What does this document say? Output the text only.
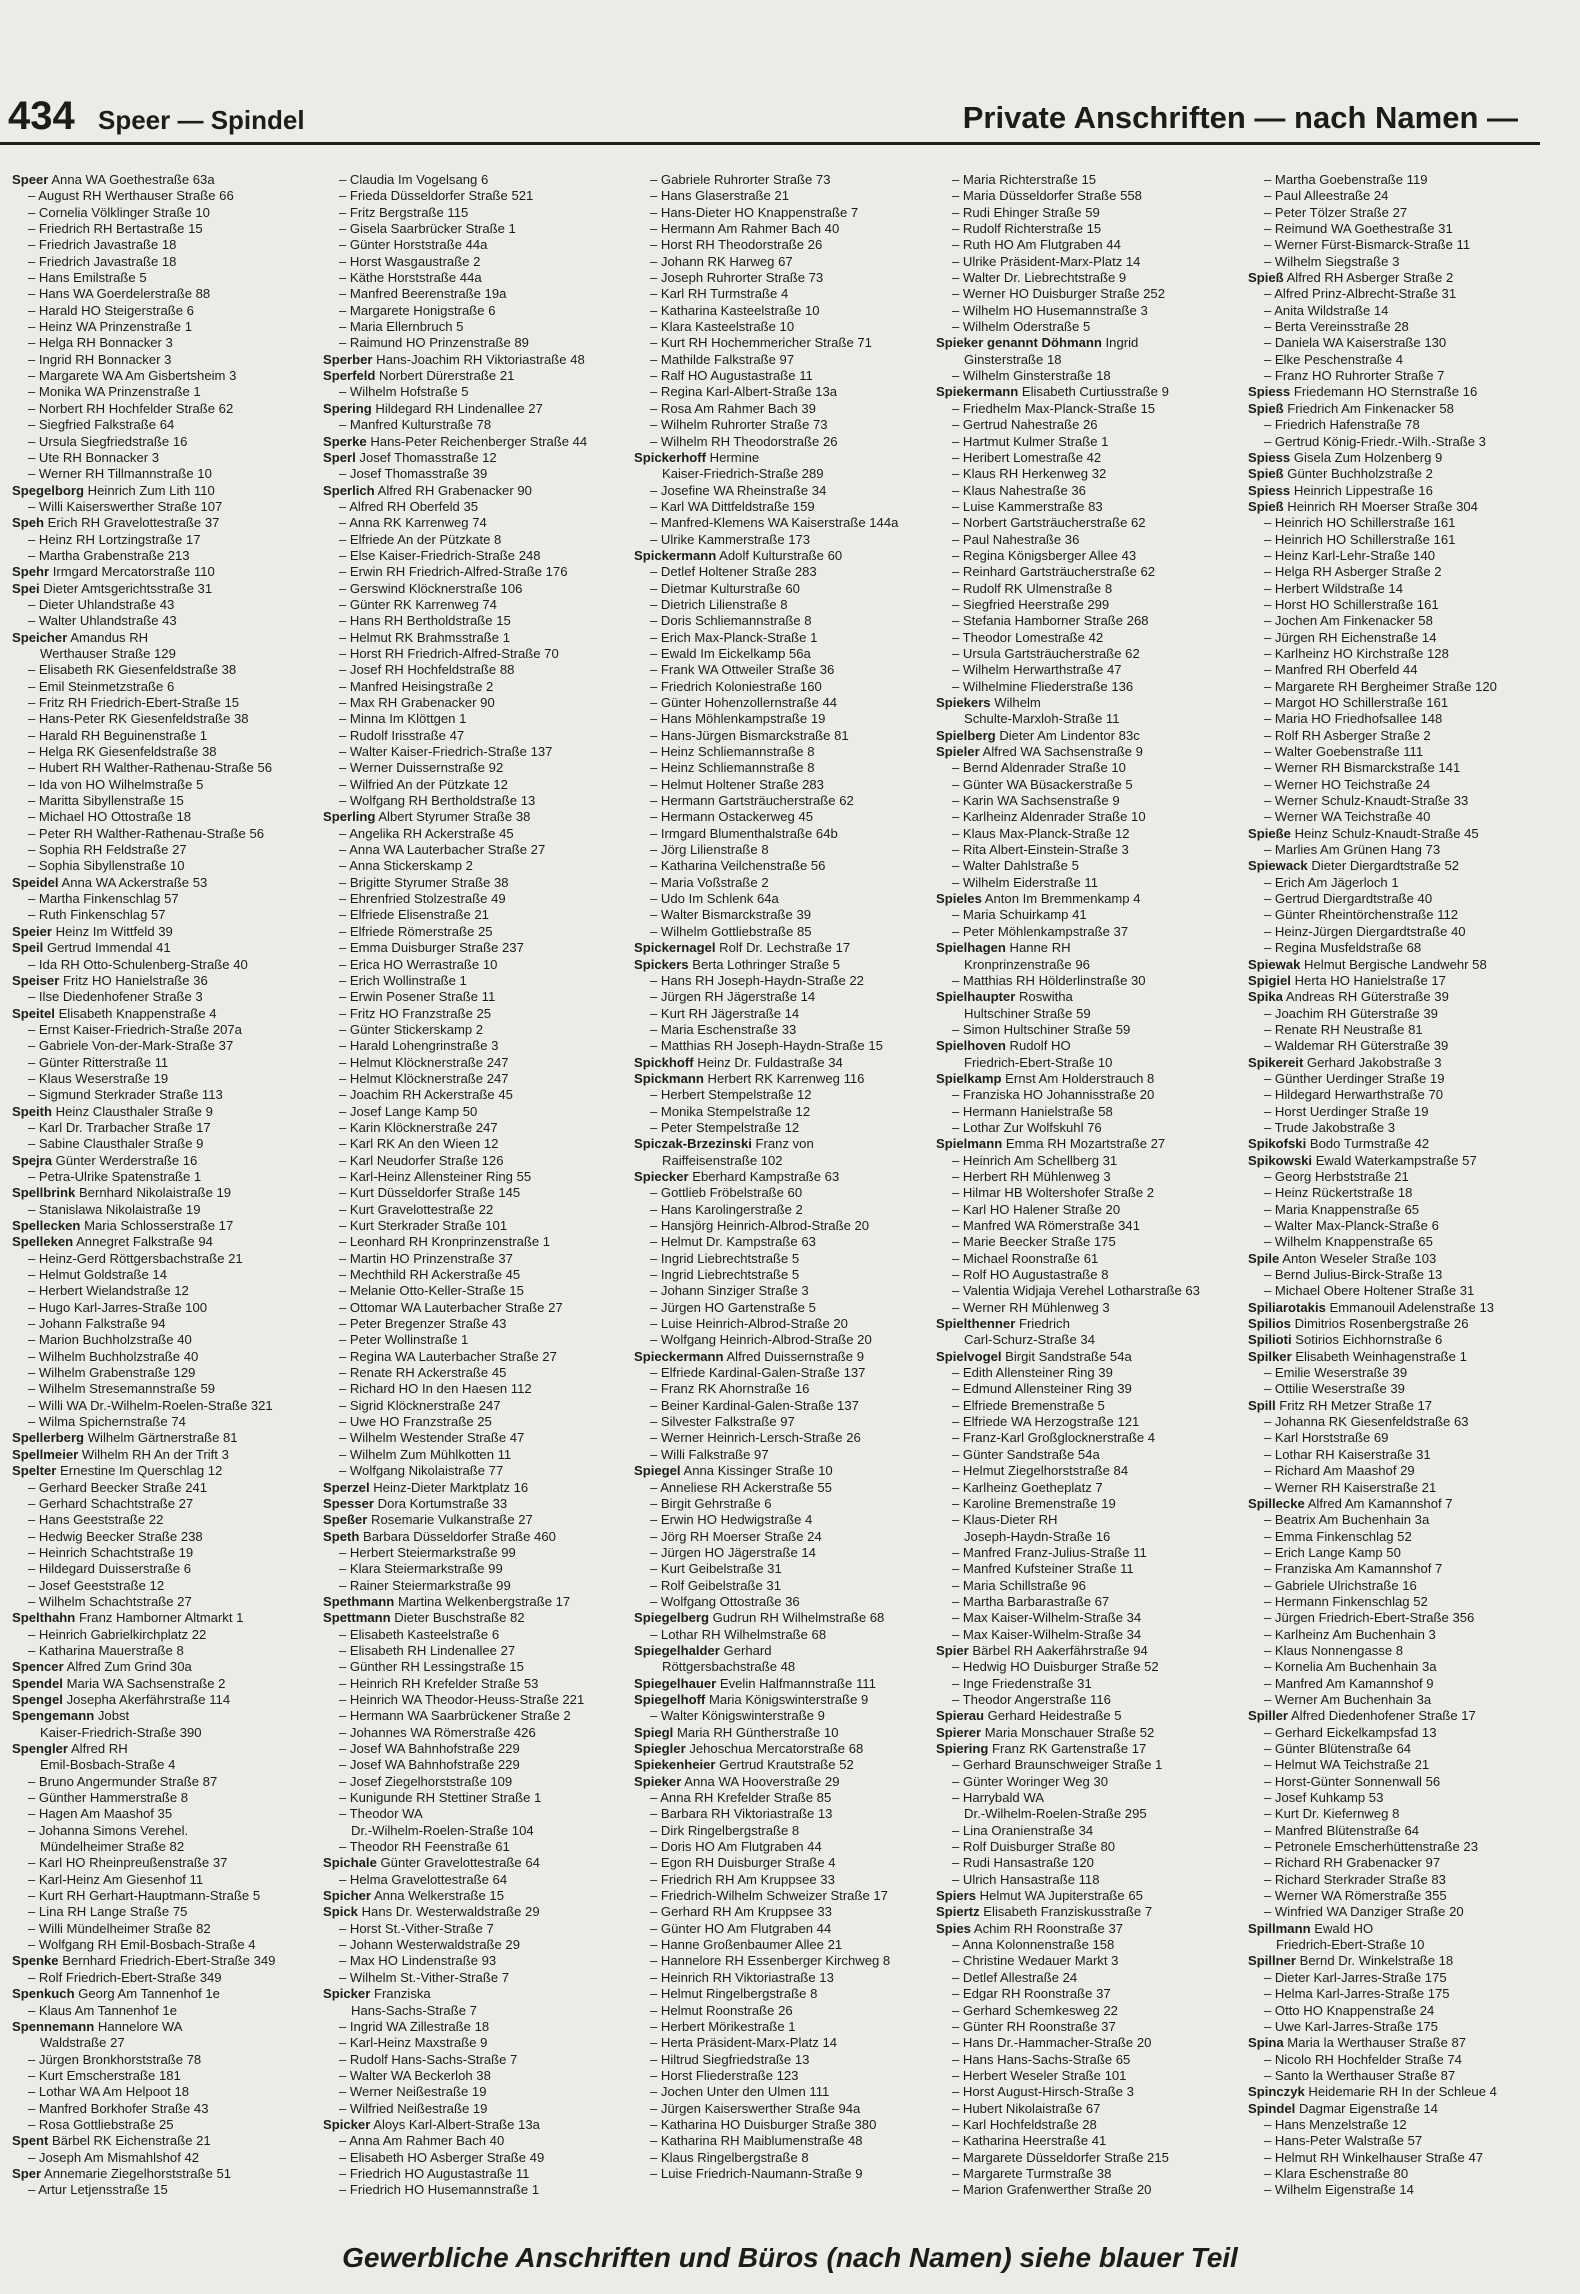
434 Speer — Spindel	Private Anschriften — nach Namen —
Speer Anna WA Goethestraße 63a
– August RH Werthauser Straße 66
– Cornelia Völklinger Straße 10
– Friedrich RH Bertastraße 15
– Friedrich Javastraße 18
– Friedrich Javastraße 18
– Hans Emilstraße 5
– Hans WA Goerdelerstraße 88
– Harald HO Steigerstraße 6
– Heinz WA Prinzenstraße 1
– Helga RH Bonnacker 3
– Ingrid RH Bonnacker 3
– Margarete WA Am Gisbertsheim 3
– Monika WA Prinzenstraße 1
– Norbert RH Hochfelder Straße 62
– Siegfried Falkstraße 64
– Ursula Siegfriedstraße 16
– Ute RH Bonnacker 3
– Werner RH Tillmannstraße 10
Spegelborg Heinrich Zum Lith 110
– Willi Kaiserswerther Straße 107
Speh Erich RH Gravelottestraße 37
– Heinz RH Lortzingstraße 17
– Martha Grabenstraße 213
Spehr Irmgard Mercatorstraße 110
Spei Dieter Amtsgerichtsstraße 31
– Dieter Uhlandstraße 43
– Walter Uhlandstraße 43
Speicher Amandus RH
Werthauser Straße 129
– Elisabeth RK Giesenfeldstraße 38
– Emil Steinmetzstraße 6
– Fritz RH Friedrich-Ebert-Straße 15
– Hans-Peter RK Giesenfeldstraße 38
– Harald RH Beguinenstraße 1
– Helga RK Giesenfeldstraße 38
– Hubert RH Walther-Rathenau-Straße 56
– Ida von HO Wilhelmstraße 5
– Maritta Sibyllenstraße 15
– Michael HO Ottostraße 18
– Peter RH Walther-Rathenau-Straße 56
– Sophia RH Feldstraße 27
– Sophia Sibyllenstraße 10
Speidel Anna WA Ackerstraße 53
– Martha Finkenschlag 57
– Ruth Finkenschlag 57
Speier Heinz Im Wittfeld 39
Speil Gertrud Immendal 41
– Ida RH Otto-Schulenberg-Straße 40
Speiser Fritz HO Hanielstraße 36
– Ilse Diedenhofener Straße 3
Speitel Elisabeth Knappenstraße 4
– Ernst Kaiser-Friedrich-Straße 207a
– Gabriele Von-der-Mark-Straße 37
– Günter Ritterstraße 11
– Klaus Weserstraße 19
– Sigmund Sterkrader Straße 113
Speith Heinz Clausthaler Straße 9
– Karl Dr. Trarbacher Straße 17
– Sabine Clausthaler Straße 9
Spejra Günter Werderstraße 16
– Petra-Ulrike Spatenstraße 1
Spellbrink Bernhard Nikolaistraße 19
– Stanislawa Nikolaistraße 19
Spellecken Maria Schlosserstraße 17
Spelleken Annegret Falkstraße 94
– Heinz-Gerd Röttgersbachstraße 21
– Helmut Goldstraße 14
– Herbert Wielandstraße 12
– Hugo Karl-Jarres-Straße 100
– Johann Falkstraße 94
– Marion Buchholzstraße 40
– Wilhelm Buchholzstraße 40
– Wilhelm Grabenstraße 129
– Wilhelm Stresemannstraße 59
– Willi WA Dr.-Wilhelm-Roelen-Straße 321
– Wilma Spichernstraße 74
Spellerberg Wilhelm Gärtnerstraße 81
Spellmeier Wilhelm RH An der Trift 3
Spelter Ernestine Im Querschlag 12
– Gerhard Beecker Straße 241
– Gerhard Schachtstraße 27
– Hans Geeststraße 22
– Hedwig Beecker Straße 238
– Heinrich Schachtstraße 19
– Hildegard Duisserstraße 6
– Josef Geeststraße 12
– Wilhelm Schachtstraße 27
Spelthahn Franz Hamborner Altmarkt 1
– Heinrich Gabrielkirchplatz 22
– Katharina Mauerstraße 8
Spencer Alfred Zum Grind 30a
Spendel Maria WA Sachsenstraße 2
Spengel Josepha Akerfährstraße 114
Spengemann Jobst
Kaiser-Friedrich-Straße 390
Spengler Alfred RH
Emil-Bosbach-Straße 4
– Bruno Angermunder Straße 87
– Günther Hammerstraße 8
– Hagen Am Maashof 35
– Johanna Simons Verehel.
Mündelheimer Straße 82
– Karl HO Rheinpreußenstraße 37
– Karl-Heinz Am Giesenhof 11
– Kurt RH Gerhart-Hauptmann-Straße 5
– Lina RH Lange Straße 75
– Willi Mündelheimer Straße 82
– Wolfgang RH Emil-Bosbach-Straße 4
Spenke Bernhard Friedrich-Ebert-Straße 349
– Rolf Friedrich-Ebert-Straße 349
Spenkuch Georg Am Tannenhof 1e
– Klaus Am Tannenhof 1e
Spennemann Hannelore WA
Waldstraße 27
– Jürgen Bronkhorststraße 78
– Kurt Emscherstraße 181
– Lothar WA Am Helpoot 18
– Manfred Borkhofer Straße 43
– Rosa Gottliebstraße 25
Spent Bärbel RK Eichenstraße 21
– Joseph Am Mismahlshof 42
Sper Annemarie Ziegelhorststraße 51
– Artur Letjensstraße 15
– Claudia Im Vogelsang 6
– Frieda Düsseldorfer Straße 521
– Fritz Bergstraße 115
– Gisela Saarbrücker Straße 1
– Günter Horststraße 44a
– Horst Wasgaustraße 2
– Käthe Horststraße 44a
– Manfred Beerenstraße 19a
– Margarete Honigstraße 6
– Maria Ellernbruch 5
– Raimund HO Prinzenstraße 89
Sperber Hans-Joachim RH Viktoriastraße 48
Sperfeld Norbert Dürerstraße 21
– Wilhelm Hofstraße 5
Spering Hildegard RH Lindenallee 27
– Manfred Kulturstraße 78
Sperke Hans-Peter Reichenberger Straße 44
Sperl Josef Thomasstraße 12
– Josef Thomasstraße 39
Sperlich Alfred RH Grabenacker 90
– Alfred RH Oberfeld 35
– Anna RK Karrenweg 74
– Elfriede An der Pützkate 8
– Else Kaiser-Friedrich-Straße 248
– Erwin RH Friedrich-Alfred-Straße 176
– Gerswind Klöcknerstraße 106
– Günter RK Karrenweg 74
– Hans RH Bertholdstraße 15
– Helmut RK Brahmsstraße 1
– Horst RH Friedrich-Alfred-Straße 70
– Josef RH Hochfeldstraße 88
– Manfred Heisingstraße 2
– Max RH Grabenacker 90
– Minna Im Klöttgen 1
– Rudolf Irisstraße 47
– Walter Kaiser-Friedrich-Straße 137
– Werner Duissernstraße 92
– Wilfried An der Pützkate 12
– Wolfgang RH Bertholdstraße 13
Sperling Albert Styrumer Straße 38
– Angelika RH Ackerstraße 45
– Anna WA Lauterbacher Straße 27
– Anna Stickerskamp 2
– Brigitte Styrumer Straße 38
– Ehrenfried Stolzestraße 49
– Elfriede Elisenstraße 21
– Elfriede Römerstraße 25
– Emma Duisburger Straße 237
– Erica HO Werrastraße 10
– Erich Wollinstraße 1
– Erwin Posener Straße 11
– Fritz HO Franzstraße 25
– Günter Stickerskamp 2
– Harald Lohengrinstraße 3
– Helmut Klöcknerstraße 247
– Helmut Klöcknerstraße 247
– Joachim RH Ackerstraße 45
– Josef Lange Kamp 50
– Karin Klöcknerstraße 247
– Karl RK An den Wieen 12
– Karl Neudorfer Straße 126
– Karl-Heinz Allensteiner Ring 55
– Kurt Düsseldorfer Straße 145
– Kurt Gravelottestraße 22
– Kurt Sterkrader Straße 101
– Leonhard RH Kronprinzenstraße 1
– Martin HO Prinzenstraße 37
– Mechthild RH Ackerstraße 45
– Melanie Otto-Keller-Straße 15
– Ottomar WA Lauterbacher Straße 27
– Peter Bregenzer Straße 43
– Peter Wollinstraße 1
– Regina WA Lauterbacher Straße 27
– Renate RH Ackerstraße 45
– Richard HO In den Haesen 112
– Sigrid Klöcknerstraße 247
– Uwe HO Franzstraße 25
– Wilhelm Westender Straße 47
– Wilhelm Zum Mühlkotten 11
– Wolfgang Nikolaistraße 77
Sperzel Heinz-Dieter Marktplatz 16
Spesser Dora Kortumstraße 33
Speßer Rosemarie Vulkanstraße 27
Speth Barbara Düsseldorfer Straße 460
– Herbert Steiermarkstraße 99
– Klara Steiermarkstraße 99
– Rainer Steiermarkstraße 99
Spethmann Martina Welkenbergstraße 17
Spettmann Dieter Buschstraße 82
– Elisabeth Kasteelstraße 6
– Elisabeth RH Lindenallee 27
– Günther RH Lessingstraße 15
– Heinrich RH Krefelder Straße 53
– Heinrich WA Theodor-Heuss-Straße 221
– Hermann WA Saarbrückener Straße 2
– Johannes WA Römerstraße 426
– Josef WA Bahnhofstraße 229
– Josef WA Bahnhofstraße 229
– Josef Ziegelhorststraße 109
– Kunigunde RH Stettiner Straße 1
– Theodor WA
Dr.-Wilhelm-Roelen-Straße 104
– Theodor RH Feenstraße 61
Spichale Günter Gravelottestraße 64
– Helma Gravelottestraße 64
Spicher Anna Welkerstraße 15
Spick Hans Dr. Westerwaldstraße 29
– Horst St.-Vither-Straße 7
– Johann Westerwaldstraße 29
– Max HO Lindenstraße 93
– Wilhelm St.-Vither-Straße 7
Spicker Franziska
Hans-Sachs-Straße 7
– Ingrid WA Zillestraße 18
– Karl-Heinz Maxstraße 9
– Rudolf Hans-Sachs-Straße 7
– Walter WA Beckerloh 38
– Werner Neißestraße 19
– Wilfried Neißestraße 19
Spicker Aloys Karl-Albert-Straße 13a
– Anna Am Rahmer Bach 40
– Elisabeth HO Asberger Straße 49
– Friedrich HO Augustastraße 11
– Friedrich HO Husemannstraße 1
– Gabriele Ruhrorter Straße 73
– Hans Glaserstraße 21
– Hans-Dieter HO Knappenstraße 7
– Hermann Am Rahmer Bach 40
– Horst RH Theodorstraße 26
– Johann RK Harweg 67
– Joseph Ruhrorter Straße 73
– Karl RH Turmstraße 4
– Katharina Kasteelstraße 10
– Klara Kasteelstraße 10
– Kurt RH Hochemmericher Straße 71
– Mathilde Falkstraße 97
– Ralf HO Augustastraße 11
– Regina Karl-Albert-Straße 13a
– Rosa Am Rahmer Bach 39
– Wilhelm Ruhrorter Straße 73
– Wilhelm RH Theodorstraße 26
Spickerhoff Hermine
Kaiser-Friedrich-Straße 289
– Josefine WA Rheinstraße 34
– Karl WA Dittfeldstraße 159
– Manfred-Klemens WA Kaiserstraße 144a
– Ulrike Kammerstraße 173
Spickermann Adolf Kulturstraße 60
– Detlef Holtener Straße 283
– Dietmar Kulturstraße 60
– Dietrich Lilienstraße 8
– Doris Schliemannstraße 8
– Erich Max-Planck-Straße 1
– Ewald Im Eickelkamp 56a
– Frank WA Ottweiler Straße 36
– Friedrich Koloniestraße 160
– Günter Hohenzollernstraße 44
– Hans Möhlenkampstraße 19
– Hans-Jürgen Bismarckstraße 81
– Heinz Schliemannstraße 8
– Heinz Schliemannstraße 8
– Helmut Holtener Straße 283
– Hermann Gartsträucherstraße 62
– Hermann Ostackerweg 45
– Irmgard Blumenthalstraße 64b
– Jörg Lilienstraße 8
– Katharina Veilchenstraße 56
– Maria Voßstraße 2
– Udo Im Schlenk 64a
– Walter Bismarckstraße 39
– Wilhelm Gottliebstraße 85
Spickernagel Rolf Dr. Lechstraße 17
Spickers Berta Lothringer Straße 5
– Hans RH Joseph-Haydn-Straße 22
– Jürgen RH Jägerstraße 14
– Kurt RH Jägerstraße 14
– Maria Eschenstraße 33
– Matthias RH Joseph-Haydn-Straße 15
Spickhoff Heinz Dr. Fuldastraße 34
Spickmann Herbert RK Karrenweg 116
– Herbert Stempelstraße 12
– Monika Stempelstraße 12
– Peter Stempelstraße 12
Spiczak-Brzezinski Franz von
Raiffeisenstraße 102
Spiecker Eberhard Kampstraße 63
– Gottlieb Fröbelstraße 60
– Hans Karolingerstraße 2
– Hansjörg Heinrich-Albrod-Straße 20
– Helmut Dr. Kampstraße 63
– Ingrid Liebrechtstraße 5
– Ingrid Liebrechtstraße 5
– Johann Sinziger Straße 3
– Jürgen HO Gartenstraße 5
– Luise Heinrich-Albrod-Straße 20
– Wolfgang Heinrich-Albrod-Straße 20
Spieckermann Alfred Duissernstraße 9
– Elfriede Kardinal-Galen-Straße 137
– Franz RK Ahornstraße 16
– Beiner Kardinal-Galen-Straße 137
– Silvester Falkstraße 97
– Werner Heinrich-Lersch-Straße 26
– Willi Falkstraße 97
Spiegel Anna Kissinger Straße 10
– Anneliese RH Ackerstraße 55
– Birgit Gehrstraße 6
– Erwin HO Hedwigstraße 4
– Jörg RH Moerser Straße 24
– Jürgen HO Jägerstraße 14
– Kurt Geibelstraße 31
– Rolf Geibelstraße 31
– Wolfgang Ottostraße 36
Spiegelberg Gudrun RH Wilhelmstraße 68
– Lothar RH Wilhelmstraße 68
Spiegelhalder Gerhard
Röttgersbachstraße 48
Spiegelhauer Evelin Halfmannstraße 111
Spiegelhoff Maria Königswinterstraße 9
– Walter Königswinterstraße 9
Spiegl Maria RH Güntherstraße 10
Spiegler Jehoschua Mercatorstraße 68
Spiekenheier Gertrud Krautstraße 52
Spieker Anna WA Hooverstraße 29
– Anna RH Krefelder Straße 85
– Barbara RH Viktoriastraße 13
– Dirk Ringelbergstraße 8
– Doris HO Am Flutgraben 44
– Egon RH Duisburger Straße 4
– Friedrich RH Am Kruppsee 33
– Friedrich-Wilhelm Schweizer Straße 17
– Gerhard RH Am Kruppsee 33
– Günter HO Am Flutgraben 44
– Hanne Großenbaumer Allee 21
– Hannelore RH Essenberger Kirchweg 8
– Heinrich RH Viktoriastraße 13
– Helmut Ringelbergstraße 8
– Helmut Roonstraße 26
– Herbert Mörikestraße 1
– Herta Präsident-Marx-Platz 14
– Hiltrud Siegfriedstraße 13
– Horst Fliederstraße 123
– Jochen Unter den Ulmen 111
– Jürgen Kaiserswerther Straße 94a
– Katharina HO Duisburger Straße 380
– Katharina RH Maiblumenstraße 48
– Klaus Ringelbergstraße 8
– Luise Friedrich-Naumann-Straße 9
– Maria Richterstraße 15
– Maria Düsseldorfer Straße 558
– Rudi Ehinger Straße 59
– Rudolf Richterstraße 15
– Ruth HO Am Flutgraben 44
– Ulrike Präsident-Marx-Platz 14
– Walter Dr. Liebrechtstraße 9
– Werner HO Duisburger Straße 252
– Wilhelm HO Husemannstraße 3
– Wilhelm Oderstraße 5
Spieker genannt Döhmann Ingrid
Ginsterstraße 18
– Wilhelm Ginsterstraße 18
Spiekermann Elisabeth Curtiusstraße 9
– Friedhelm Max-Planck-Straße 15
– Gertrud Nahestraße 26
– Hartmut Kulmer Straße 1
– Heribert Lomestraße 42
– Klaus RH Herkenweg 32
– Klaus Nahestraße 36
– Luise Kammerstraße 83
– Norbert Gartsträucherstraße 62
– Paul Nahestraße 36
– Regina Königsberger Allee 43
– Reinhard Gartsträucherstraße 62
– Rudolf RK Ulmenstraße 8
– Siegfried Heerstraße 299
– Stefania Hamborner Straße 268
– Theodor Lomestraße 42
– Ursula Gartsträucherstraße 62
– Wilhelm Herwarthstraße 47
– Wilhelmine Fliederstraße 136
Spiekers Wilhelm
Schulte-Marxloh-Straße 11
Spielberg Dieter Am Lindentor 83c
Spieler Alfred WA Sachsenstraße 9
– Bernd Aldenrader Straße 10
– Günter WA Büsackerstraße 5
– Karin WA Sachsenstraße 9
– Karlheinz Aldenrader Straße 10
– Klaus Max-Planck-Straße 12
– Rita Albert-Einstein-Straße 3
– Walter Dahlstraße 5
– Wilhelm Eiderstraße 11
Spieles Anton Im Bremmenkamp 4
– Maria Schuirkamp 41
– Peter Möhlenkampstraße 37
Spielhagen Hanne RH
Kronprinzenstraße 96
– Matthias RH Hölderlinstraße 30
Spielhaupter Roswitha
Hultschiner Straße 59
– Simon Hultschiner Straße 59
Spielhoven Rudolf HO
Friedrich-Ebert-Straße 10
Spielkamp Ernst Am Holderstrauch 8
– Franziska HO Johannisstraße 20
– Hermann Hanielstraße 58
– Lothar Zur Wolfskuhl 76
Spielmann Emma RH Mozartstraße 27
– Heinrich Am Schellberg 31
– Herbert RH Mühlenweg 3
– Hilmar HB Woltershofer Straße 2
– Karl HO Halener Straße 20
– Manfred WA Römerstraße 341
– Marie Beecker Straße 175
– Michael Roonstraße 61
– Rolf HO Augustastraße 8
– Valentia Widjaja Verehel Lotharstraße 63
– Werner RH Mühlenweg 3
Spielthenner Friedrich
Carl-Schurz-Straße 34
Spielvogel Birgit Sandstraße 54a
– Edith Allensteiner Ring 39
– Edmund Allensteiner Ring 39
– Elfriede Bremenstraße 5
– Elfriede WA Herzogstraße 121
– Franz-Karl Großglocknerstraße 4
– Günter Sandstraße 54a
– Helmut Ziegelhorststraße 84
– Karlheinz Goetheplatz 7
– Karoline Bremenstraße 19
– Klaus-Dieter RH
Joseph-Haydn-Straße 16
– Manfred Franz-Julius-Straße 11
– Manfred Kufsteiner Straße 11
– Maria Schillstraße 96
– Martha Barbarastraße 67
– Max Kaiser-Wilhelm-Straße 34
– Max Kaiser-Wilhelm-Straße 34
Spier Bärbel RH Aakerfährstraße 94
– Hedwig HO Duisburger Straße 52
– Inge Friedenstraße 31
– Theodor Angerstraße 116
Spierau Gerhard Heidestraße 5
Spierer Maria Monschauer Straße 52
Spiering Franz RK Gartenstraße 17
– Gerhard Braunschweiger Straße 1
– Günter Woringer Weg 30
– Harrybald WA
Dr.-Wilhelm-Roelen-Straße 295
– Lina Oranienstraße 34
– Rolf Duisburger Straße 80
– Rudi Hansastraße 120
– Ulrich Hansastraße 118
Spiers Helmut WA Jupiterstraße 65
Spiertz Elisabeth Franziskusstraße 7
Spies Achim RH Roonstraße 37
– Anna Kolonnenstraße 158
– Christine Wedauer Markt 3
– Detlef Allestraße 24
– Edgar RH Roonstraße 37
– Gerhard Schemkesweg 22
– Günter RH Roonstraße 37
– Hans Dr.-Hammacher-Straße 20
– Hans Hans-Sachs-Straße 65
– Herbert Weseler Straße 101
– Horst August-Hirsch-Straße 3
– Hubert Nikolaistraße 67
– Karl Hochfeldstraße 28
– Katharina Heerstraße 41
– Margarete Düsseldorfer Straße 215
– Margarete Turmstraße 38
– Marion Grafenwerther Straße 20
– Martha Goebenstraße 119
– Paul Alleestraße 24
– Peter Tölzer Straße 27
– Reimund WA Goethestraße 31
– Werner Fürst-Bismarck-Straße 11
– Wilhelm Siegstraße 3
Spieß Alfred RH Asberger Straße 2
– Alfred Prinz-Albrecht-Straße 31
– Anita Wildstraße 14
– Berta Vereinsstraße 28
– Daniela WA Kaiserstraße 130
– Elke Peschenstraße 4
– Franz HO Ruhrorter Straße 7
Spiess Friedemann HO Sternstraße 16
Spieß Friedrich Am Finkenacker 58
– Friedrich Hafenstraße 78
– Gertrud König-Friedr.-Wilh.-Straße 3
Spiess Gisela Zum Holzenberg 9
Spieß Günter Buchholzstraße 2
Spiess Heinrich Lippestraße 16
Spieß Heinrich RH Moerser Straße 304
– Heinrich HO Schillerstraße 161
– Heinrich HO Schillerstraße 161
– Heinz Karl-Lehr-Straße 140
– Helga RH Asberger Straße 2
– Herbert Wildstraße 14
– Horst HO Schillerstraße 161
– Jochen Am Finkenacker 58
– Jürgen RH Eichenstraße 14
– Karlheinz HO Kirchstraße 128
– Manfred RH Oberfeld 44
– Margarete RH Bergheimer Straße 120
– Margot HO Schillerstraße 161
– Maria HO Friedhofsallee 148
– Rolf RH Asberger Straße 2
– Walter Goebenstraße 111
– Werner RH Bismarckstraße 141
– Werner HO Teichstraße 24
– Werner Schulz-Knaudt-Straße 33
– Werner WA Teichstraße 40
Spieße Heinz Schulz-Knaudt-Straße 45
– Marlies Am Grünen Hang 73
Spiewack Dieter Diergardtstraße 52
– Erich Am Jägerloch 1
– Gertrud Diergardtstraße 40
– Günter Rheintörchenstraße 112
– Heinz-Jürgen Diergardtstraße 40
– Regina Musfeldstraße 68
Spiewak Helmut Bergische Landwehr 58
Spigiel Herta HO Hanielstraße 17
Spika Andreas RH Güterstraße 39
– Joachim RH Güterstraße 39
– Renate RH Neustraße 81
– Waldemar RH Güterstraße 39
Spikereit Gerhard Jakobstraße 3
– Günther Uerdinger Straße 19
– Hildegard Herwarthstraße 70
– Horst Uerdinger Straße 19
– Trude Jakobstraße 3
Spikofski Bodo Turmstraße 42
Spikowski Ewald Waterkampstraße 57
– Georg Herbststraße 21
– Heinz Rückertstraße 18
– Maria Knappenstraße 65
– Walter Max-Planck-Straße 6
– Wilhelm Knappenstraße 65
Spile Anton Weseler Straße 103
– Bernd Julius-Birck-Straße 13
– Michael Obere Holtener Straße 31
Spiliarotakis Emmanouil Adelenstraße 13
Spilios Dimitrios Rosenbergstraße 26
Spilioti Sotirios Eichhornstraße 6
Spilker Elisabeth Weinhagenstraße 1
– Emilie Weserstraße 39
– Ottilie Weserstraße 39
Spill Fritz RH Metzer Straße 17
– Johanna RK Giesenfeldstraße 63
– Karl Horststraße 69
– Lothar RH Kaiserstraße 31
– Richard Am Maashof 29
– Werner RH Kaiserstraße 21
Spillecke Alfred Am Kamannshof 7
– Beatrix Am Buchenhain 3a
– Emma Finkenschlag 52
– Erich Lange Kamp 50
– Franziska Am Kamannshof 7
– Gabriele Ulrichstraße 16
– Hermann Finkenschlag 52
– Jürgen Friedrich-Ebert-Straße 356
– Karlheinz Am Buchenhain 3
– Klaus Nonnengasse 8
– Kornelia Am Buchenhain 3a
– Manfred Am Kamannshof 9
– Werner Am Buchenhain 3a
Spiller Alfred Diedenhofener Straße 17
– Gerhard Eickelkampsfad 13
– Günter Blütenstraße 64
– Helmut WA Teichstraße 21
– Horst-Günter Sonnenwall 56
– Josef Kuhkamp 53
– Kurt Dr. Kiefernweg 8
– Manfred Blütenstraße 64
– Petronele Emscherhüttenstraße 23
– Richard RH Grabenacker 97
– Richard Sterkrader Straße 83
– Werner WA Römerstraße 355
– Winfried WA Danziger Straße 20
Spillmann Ewald HO
Friedrich-Ebert-Straße 10
Spillner Bernd Dr. Winkelstraße 18
– Dieter Karl-Jarres-Straße 175
– Helma Karl-Jarres-Straße 175
– Otto HO Knappenstraße 24
– Uwe Karl-Jarres-Straße 175
Spina Maria la Werthauser Straße 87
– Nicolo RH Hochfelder Straße 74
– Santo la Werthauser Straße 87
Spinczyk Heidemarie RH In der Schleue 4
Spindel Dagmar Eigenstraße 14
– Hans Menzelstraße 12
– Hans-Peter Walstraße 57
– Helmut RH Winkelhauser Straße 47
– Klara Eschenstraße 80
– Wilhelm Eigenstraße 14
Gewerbliche Anschriften und Büros (nach Namen) siehe blauer Teil
